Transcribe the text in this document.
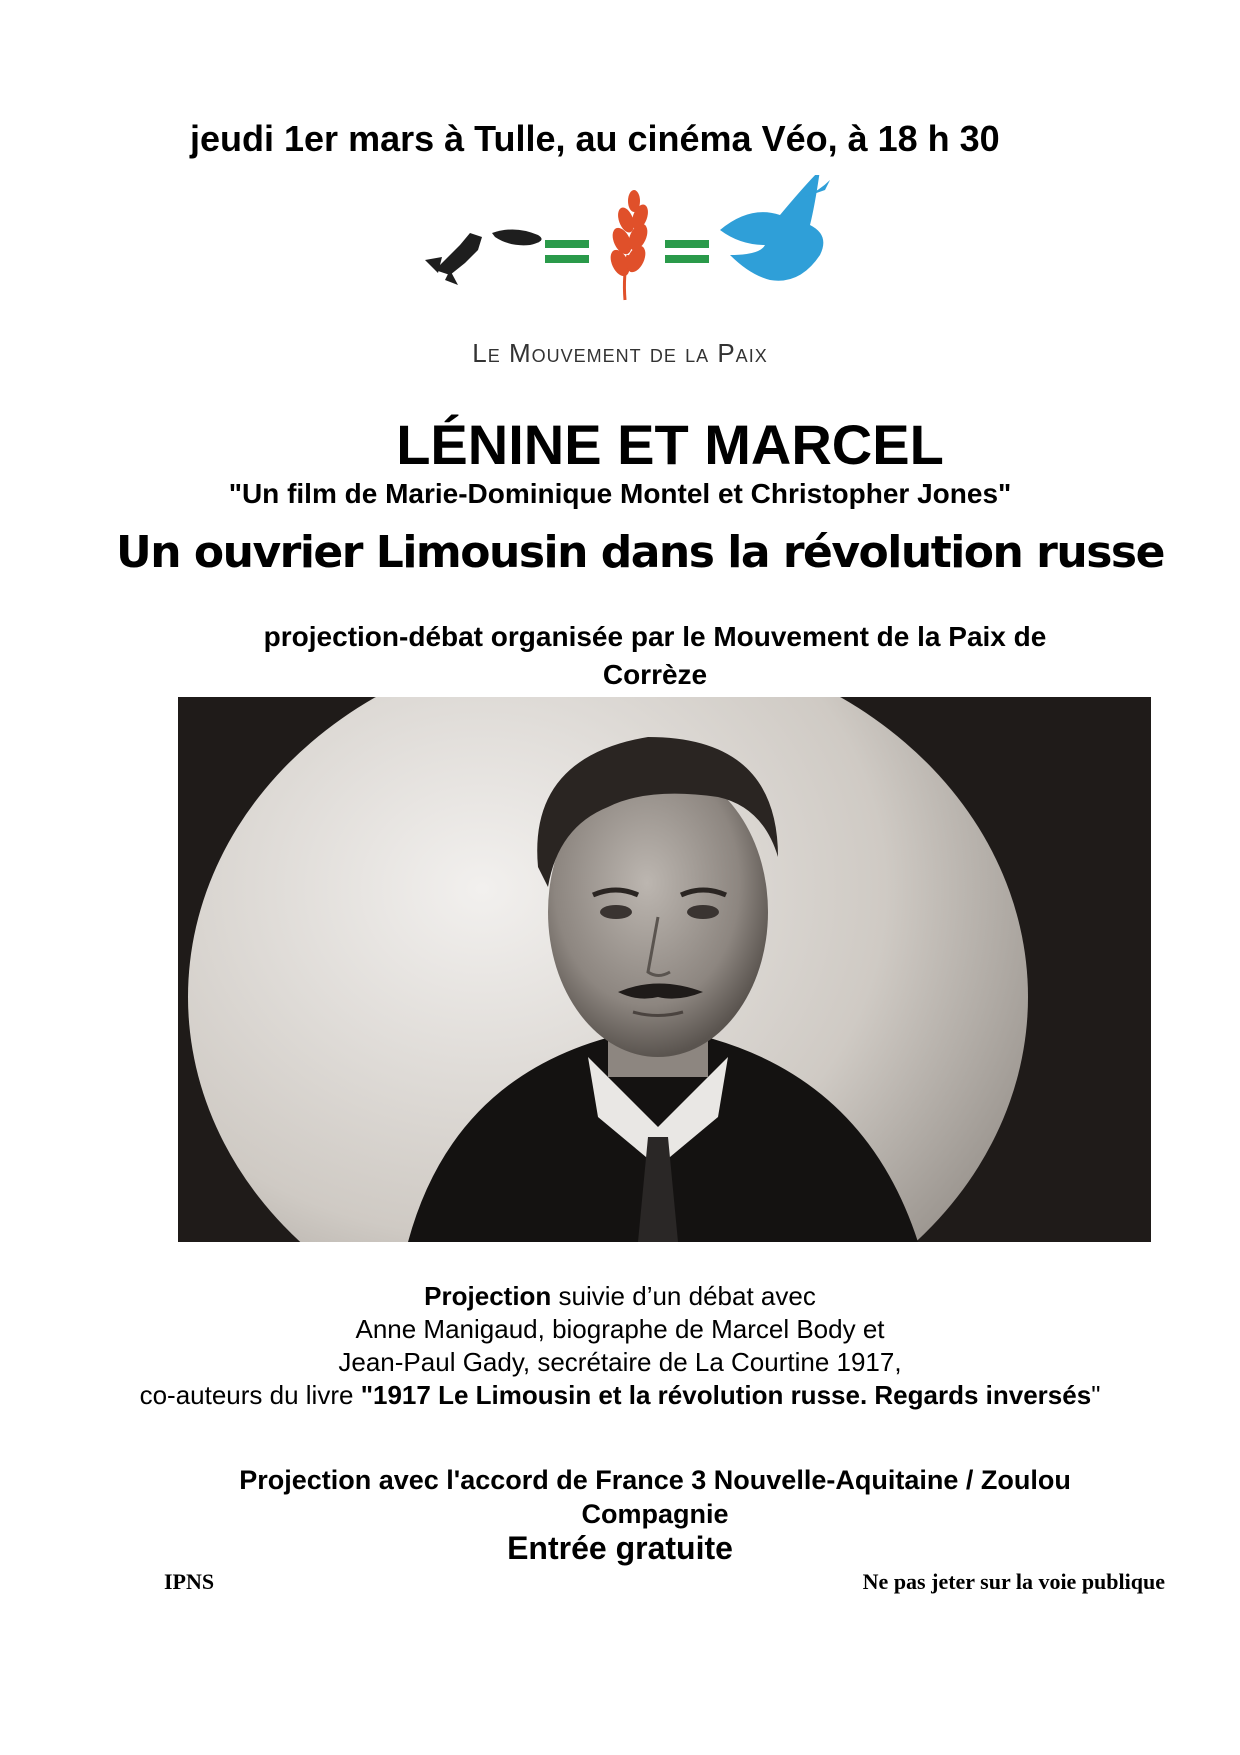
jeudi 1er mars à Tulle, au cinéma Véo, à 18 h 30
Le Mouvement de la Paix
LÉNINE ET MARCEL
"Un film de Marie-Dominique Montel et Christopher Jones"
Un ouvrier Limousin dans la révolution russe
projection-débat organisée par le Mouvement de la Paix de
Corrèze
Projection suivie d’un débat avec
Anne Manigaud, biographe de Marcel Body et
Jean-Paul Gady, secrétaire de La Courtine 1917,
co-auteurs du livre "1917 Le Limousin et la révolution russe. Regards inversés"
Projection avec l'accord de France 3 Nouvelle-Aquitaine / Zoulou
Compagnie
Entrée gratuite
IPNS	Ne pas jeter sur la voie publique
